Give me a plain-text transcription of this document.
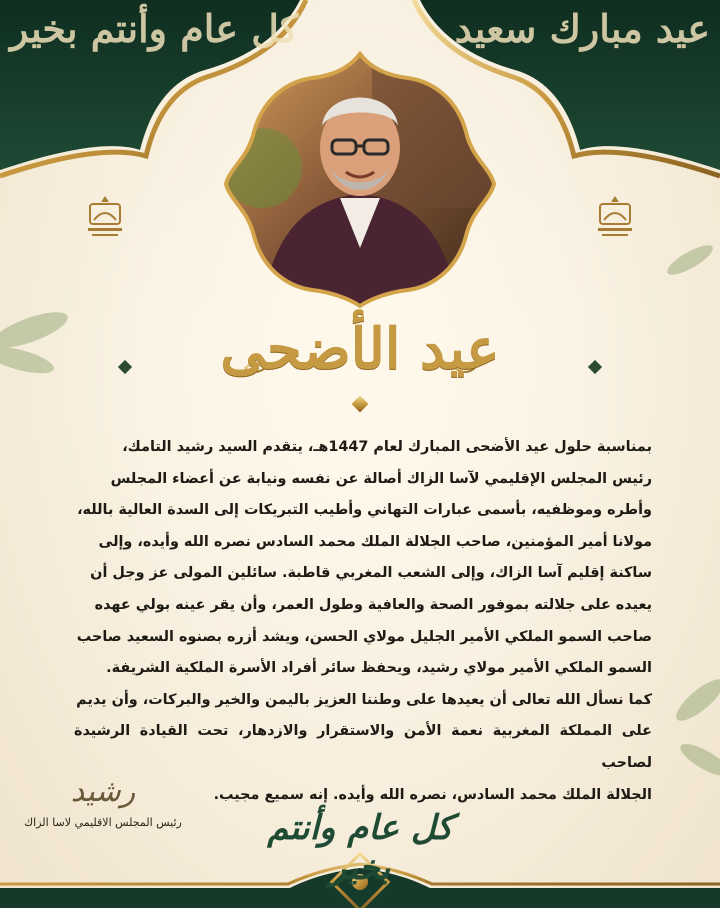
كل عام وأنتم بخير	عيد مبارك سعيد
عيد الأضحى
بمناسبة حلول عيد الأضحى المبارك لعام 1447هـ، يتقدم السيد رشيد التامك،
رئيس المجلس الإقليمي لآسا الزاك أصالة عن نفسه ونيابة عن أعضاء المجلس
وأطره وموظفيه، بأسمى عبارات التهاني وأطيب التبريكات إلى السدة العالية بالله،
مولانا أمير المؤمنين، صاحب الجلالة الملك محمد السادس نصره الله وأيده، وإلى
ساكنة إقليم آسا الزاك، وإلى الشعب المغربي قاطبة. سائلين المولى عز وجل أن
يعيده على جلالته بموفور الصحة والعافية وطول العمر، وأن يقر عينه بولي عهده
صاحب السمو الملكي الأمير الجليل مولاي الحسن، ويشد أزره بصنوه السعيد صاحب
السمو الملكي الأمير مولاي رشيد، ويحفظ سائر أفراد الأسرة الملكية الشريفة.
كما نسأل الله تعالى أن يعيدها على وطننا العزيز باليمن والخير والبركات، وأن يديم
على المملكة المغربية نعمة الأمن والاستقرار والازدهار، تحت القيادة الرشيدة لصاحب
الجلالة الملك محمد السادس، نصره الله وأيده. إنه سميع مجيب.
رشيد
رئيس المجلس الاقليمي لاسا الزاك	كل عام وأنتم بخير
